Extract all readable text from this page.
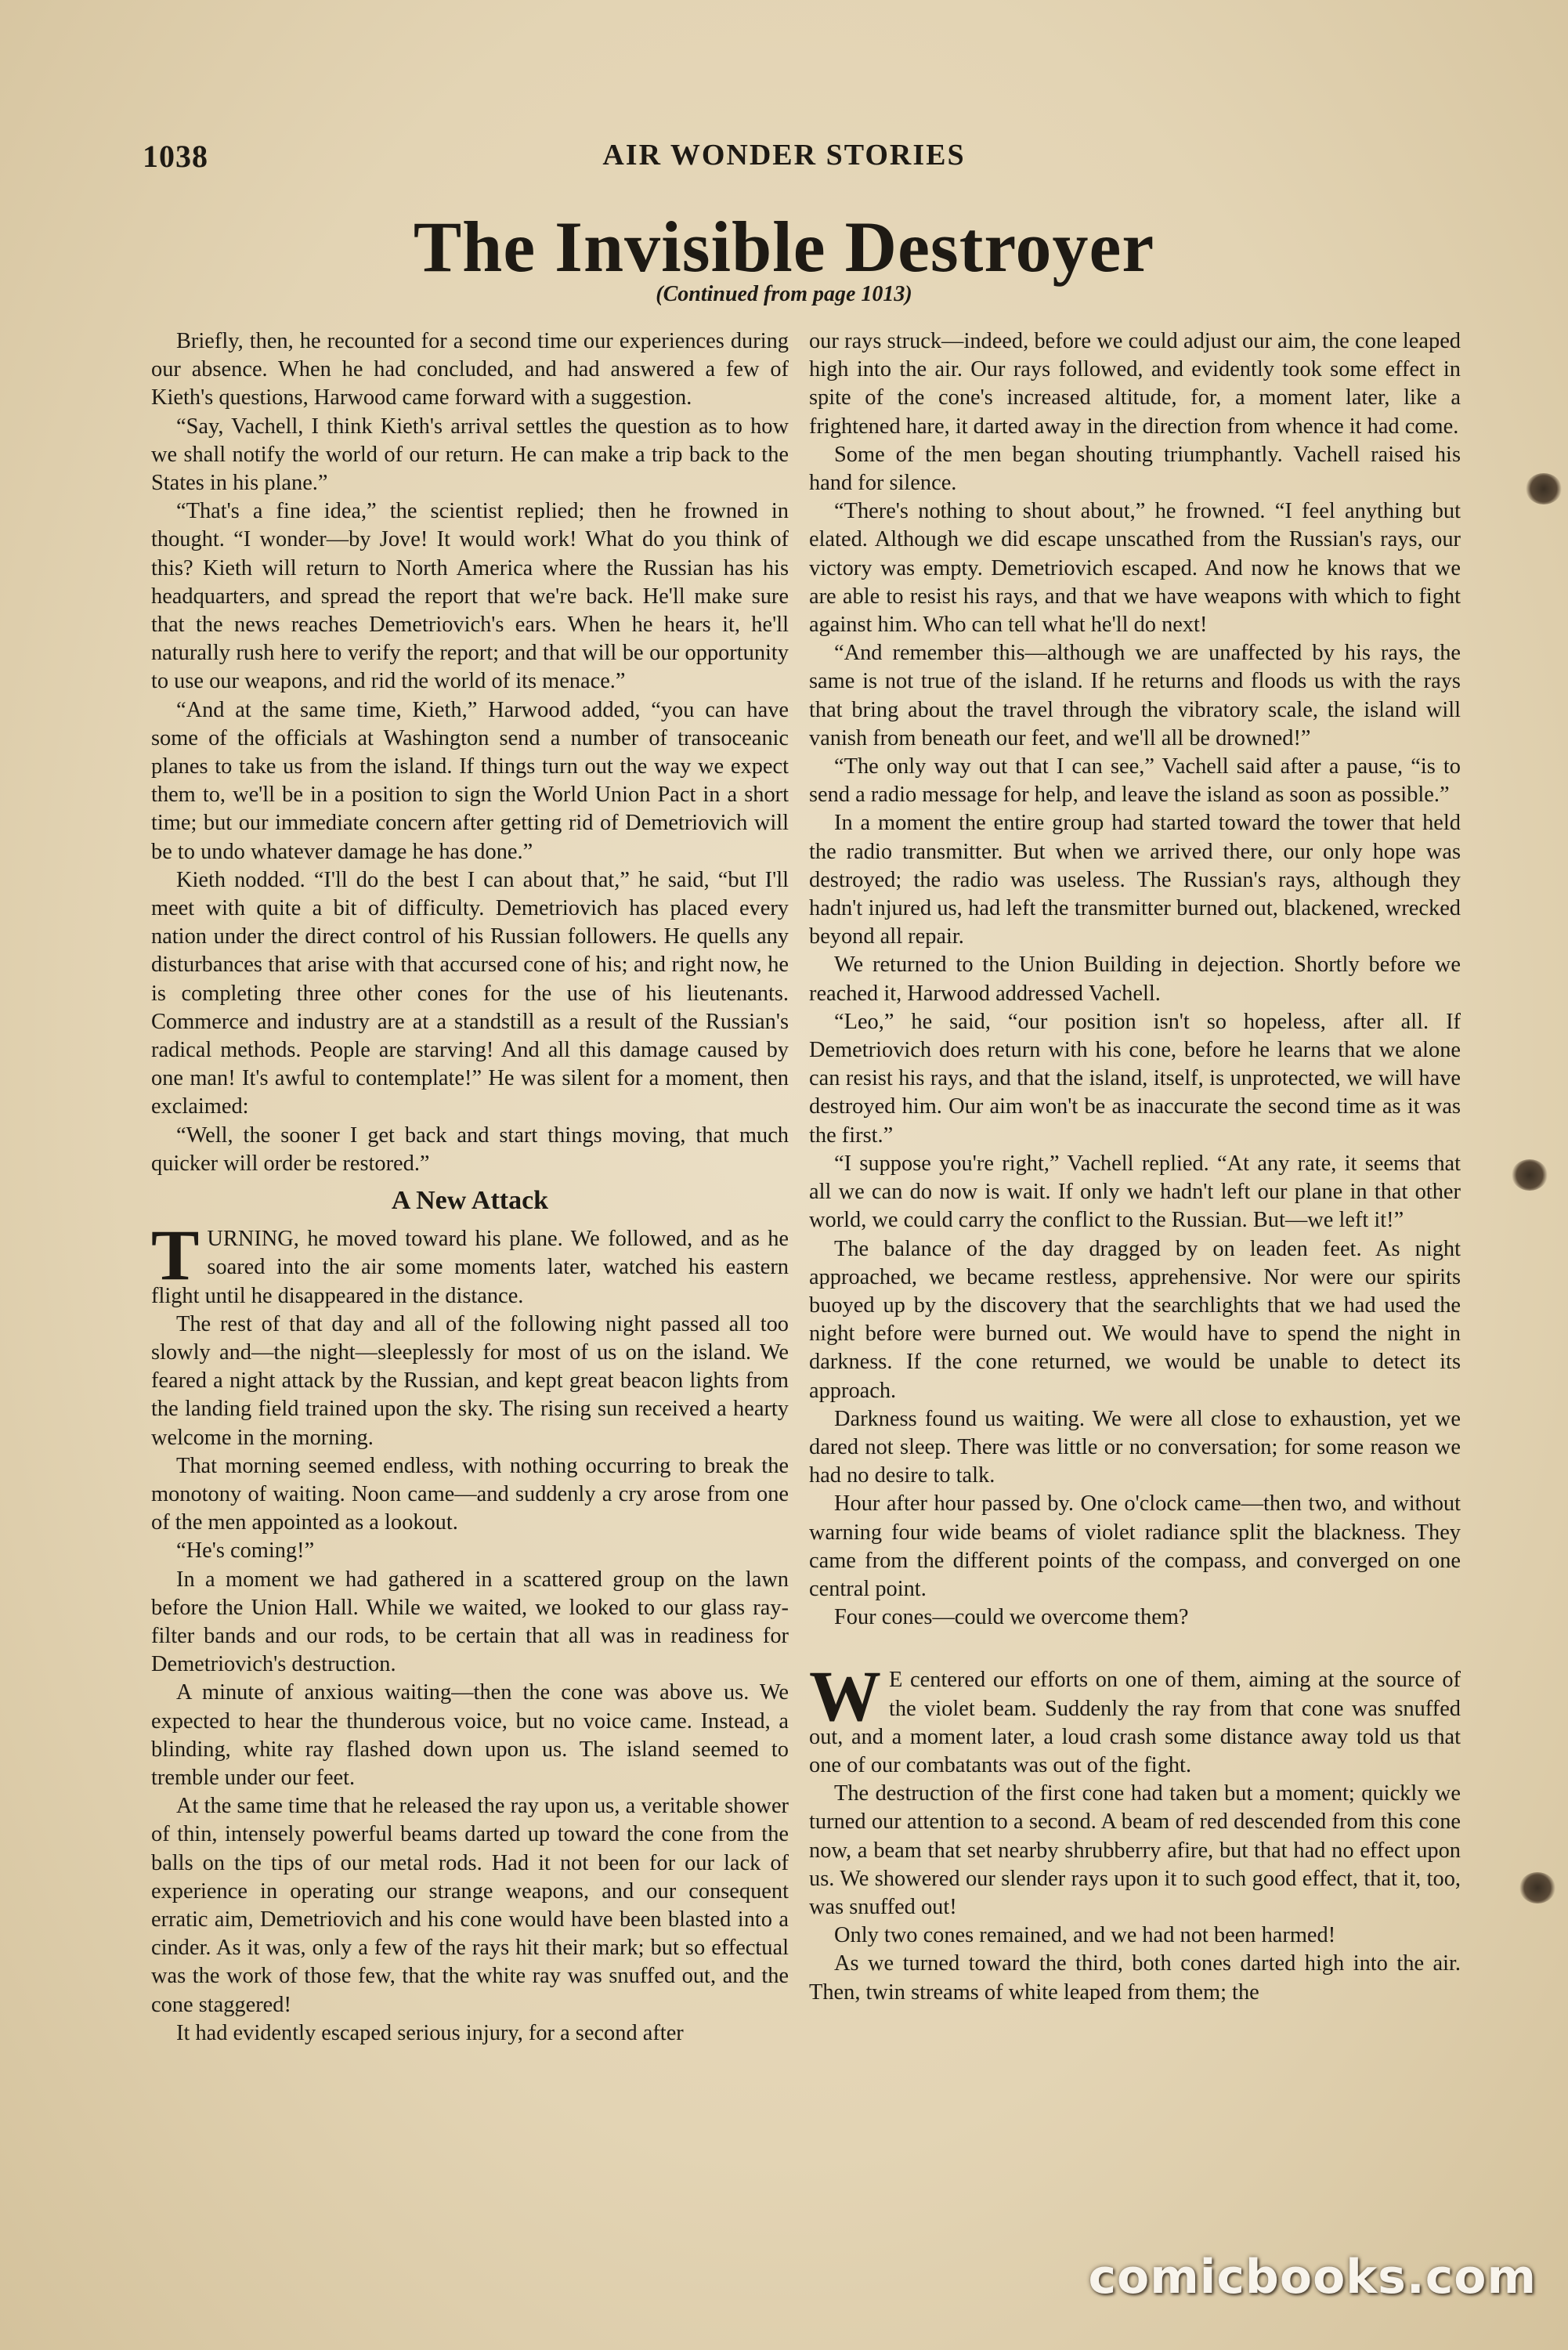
1038	AIR WONDER STORIES
The Invisible Destroyer
(Continued from page 1013)

Briefly, then, he recounted for a second time our experiences during our absence. When he had concluded, and had answered a few of Kieth's questions, Harwood came forward with a suggestion.

“Say, Vachell, I think Kieth's arrival settles the question as to how we shall notify the world of our return. He can make a trip back to the States in his plane.”

“That's a fine idea,” the scientist replied; then he frowned in thought. “I wonder—by Jove! It would work! What do you think of this? Kieth will return to North America where the Russian has his headquarters, and spread the report that we're back. He'll make sure that the news reaches Demetriovich's ears. When he hears it, he'll naturally rush here to verify the report; and that will be our opportunity to use our weapons, and rid the world of its menace.”

“And at the same time, Kieth,” Harwood added, “you can have some of the officials at Washington send a number of transoceanic planes to take us from the island. If things turn out the way we expect them to, we'll be in a position to sign the World Union Pact in a short time; but our immediate concern after getting rid of Demetriovich will be to undo whatever damage he has done.”

Kieth nodded. “I'll do the best I can about that,” he said, “but I'll meet with quite a bit of difficulty. Demetriovich has placed every nation under the direct control of his Russian followers. He quells any disturbances that arise with that accursed cone of his; and right now, he is completing three other cones for the use of his lieutenants. Commerce and industry are at a standstill as a result of the Russian's radical methods. People are starving! And all this damage caused by one man! It's awful to contemplate!” He was silent for a moment, then exclaimed:

“Well, the sooner I get back and start things moving, that much quicker will order be restored.”

A New Attack

TURNING, he moved toward his plane. We followed, and as he soared into the air some moments later, watched his eastern flight until he disappeared in the distance.

The rest of that day and all of the following night passed all too slowly and—the night—sleeplessly for most of us on the island. We feared a night attack by the Russian, and kept great beacon lights from the landing field trained upon the sky. The rising sun received a hearty welcome in the morning.

That morning seemed endless, with nothing occurring to break the monotony of waiting. Noon came—and suddenly a cry arose from one of the men appointed as a lookout.

“He's coming!”

In a moment we had gathered in a scattered group on the lawn before the Union Hall. While we waited, we looked to our glass ray-filter bands and our rods, to be certain that all was in readiness for Demetriovich's destruction.

A minute of anxious waiting—then the cone was above us. We expected to hear the thunderous voice, but no voice came. Instead, a blinding, white ray flashed down upon us. The island seemed to tremble under our feet.

At the same time that he released the ray upon us, a veritable shower of thin, intensely powerful beams darted up toward the cone from the balls on the tips of our metal rods. Had it not been for our lack of experience in operating our strange weapons, and our consequent erratic aim, Demetriovich and his cone would have been blasted into a cinder. As it was, only a few of the rays hit their mark; but so effectual was the work of those few, that the white ray was snuffed out, and the cone staggered!

It had evidently escaped serious injury, for a second after

our rays struck—indeed, before we could adjust our aim, the cone leaped high into the air. Our rays followed, and evidently took some effect in spite of the cone's increased altitude, for, a moment later, like a frightened hare, it darted away in the direction from whence it had come.

Some of the men began shouting triumphantly. Vachell raised his hand for silence.

“There's nothing to shout about,” he frowned. “I feel anything but elated. Although we did escape unscathed from the Russian's rays, our victory was empty. Demetriovich escaped. And now he knows that we are able to resist his rays, and that we have weapons with which to fight against him. Who can tell what he'll do next!

“And remember this—although we are unaffected by his rays, the same is not true of the island. If he returns and floods us with the rays that bring about the travel through the vibratory scale, the island will vanish from beneath our feet, and we'll all be drowned!”

“The only way out that I can see,” Vachell said after a pause, “is to send a radio message for help, and leave the island as soon as possible.”

In a moment the entire group had started toward the tower that held the radio transmitter. But when we arrived there, our only hope was destroyed; the radio was useless. The Russian's rays, although they hadn't injured us, had left the transmitter burned out, blackened, wrecked beyond all repair.

We returned to the Union Building in dejection. Shortly before we reached it, Harwood addressed Vachell.

“Leo,” he said, “our position isn't so hopeless, after all. If Demetriovich does return with his cone, before he learns that we alone can resist his rays, and that the island, itself, is unprotected, we will have destroyed him. Our aim won't be as inaccurate the second time as it was the first.”

“I suppose you're right,” Vachell replied. “At any rate, it seems that all we can do now is wait. If only we hadn't left our plane in that other world, we could carry the conflict to the Russian. But—we left it!”

The balance of the day dragged by on leaden feet. As night approached, we became restless, apprehensive. Nor were our spirits buoyed up by the discovery that the searchlights that we had used the night before were burned out. We would have to spend the night in darkness. If the cone returned, we would be unable to detect its approach.

Darkness found us waiting. We were all close to exhaustion, yet we dared not sleep. There was little or no conversation; for some reason we had no desire to talk.

Hour after hour passed by. One o'clock came—then two, and without warning four wide beams of violet radiance split the blackness. They came from the different points of the compass, and converged on one central point.

Four cones—could we overcome them?

W E centered our efforts on one of them, aiming at the source of the violet beam. Suddenly the ray from that cone was snuffed out, and a moment later, a loud crash some distance away told us that one of our combatants was out of the fight.

The destruction of the first cone had taken but a moment; quickly we turned our attention to a second. A beam of red descended from this cone now, a beam that set nearby shrubberry afire, but that had no effect upon us. We showered our slender rays upon it to such good effect, that it, too, was snuffed out!

Only two cones remained, and we had not been harmed!

As we turned toward the third, both cones darted high into the air. Then, twin streams of white leaped from them; the

comicbooks.com
